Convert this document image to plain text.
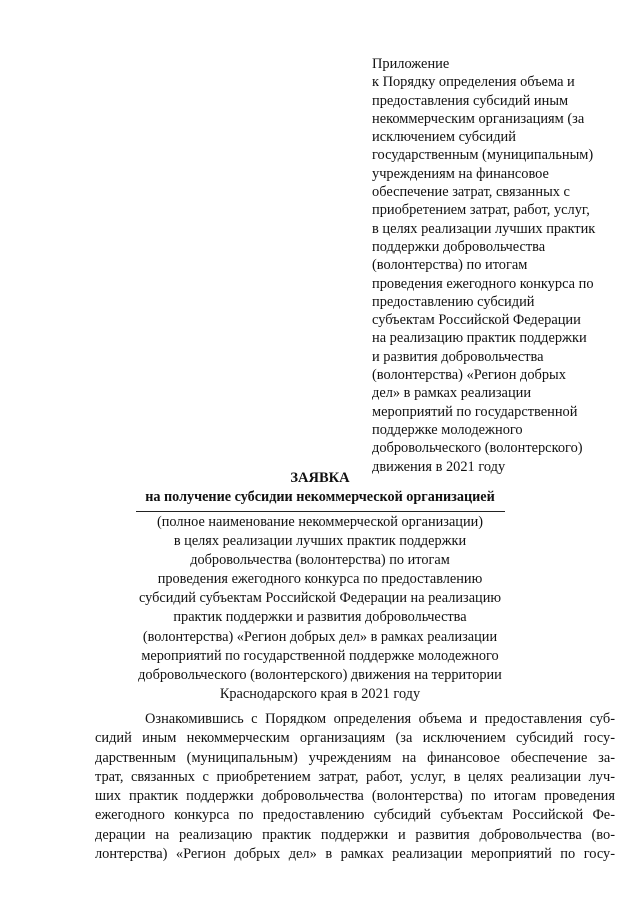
Приложение
к Порядку определения объема и
предоставления субсидий иным
некоммерческим организациям (за
исключением субсидий
государственным (муниципальным)
учреждениям на финансовое
обеспечение затрат, связанных с
приобретением затрат, работ, услуг,
в целях реализации лучших практик
поддержки добровольчества
(волонтерства) по итогам
проведения ежегодного конкурса по
предоставлению субсидий
субъектам Российской Федерации
на реализацию практик поддержки
и развития добровольчества
(волонтерства) «Регион добрых
дел» в рамках реализации
мероприятий по государственной
поддержке молодежного
добровольческого (волонтерского)
движения в 2021 году
ЗАЯВКА
на получение субсидии некоммерческой организацией
(полное наименование некоммерческой организации)
в целях реализации лучших практик поддержки
добровольчества (волонтерства) по итогам
проведения ежегодного конкурса по предоставлению
субсидий субъектам Российской Федерации на реализацию
практик поддержки и развития добровольчества
(волонтерства) «Регион добрых дел» в рамках реализации
мероприятий по государственной поддержке молодежного
добровольческого (волонтерского) движения на территории
Краснодарского края в 2021 году
Ознакомившись с Порядком определения объема и предоставления суб-
сидий иным некоммерческим организациям (за исключением субсидий госу-
дарственным (муниципальным) учреждениям на финансовое обеспечение за-
трат, связанных с приобретением затрат, работ, услуг, в целях реализации луч-
ших практик поддержки добровольчества (волонтерства) по итогам проведения
ежегодного конкурса по предоставлению субсидий субъектам Российской Фе-
дерации на реализацию практик поддержки и развития добровольчества (во-
лонтерства) «Регион добрых дел» в рамках реализации мероприятий по госу-
